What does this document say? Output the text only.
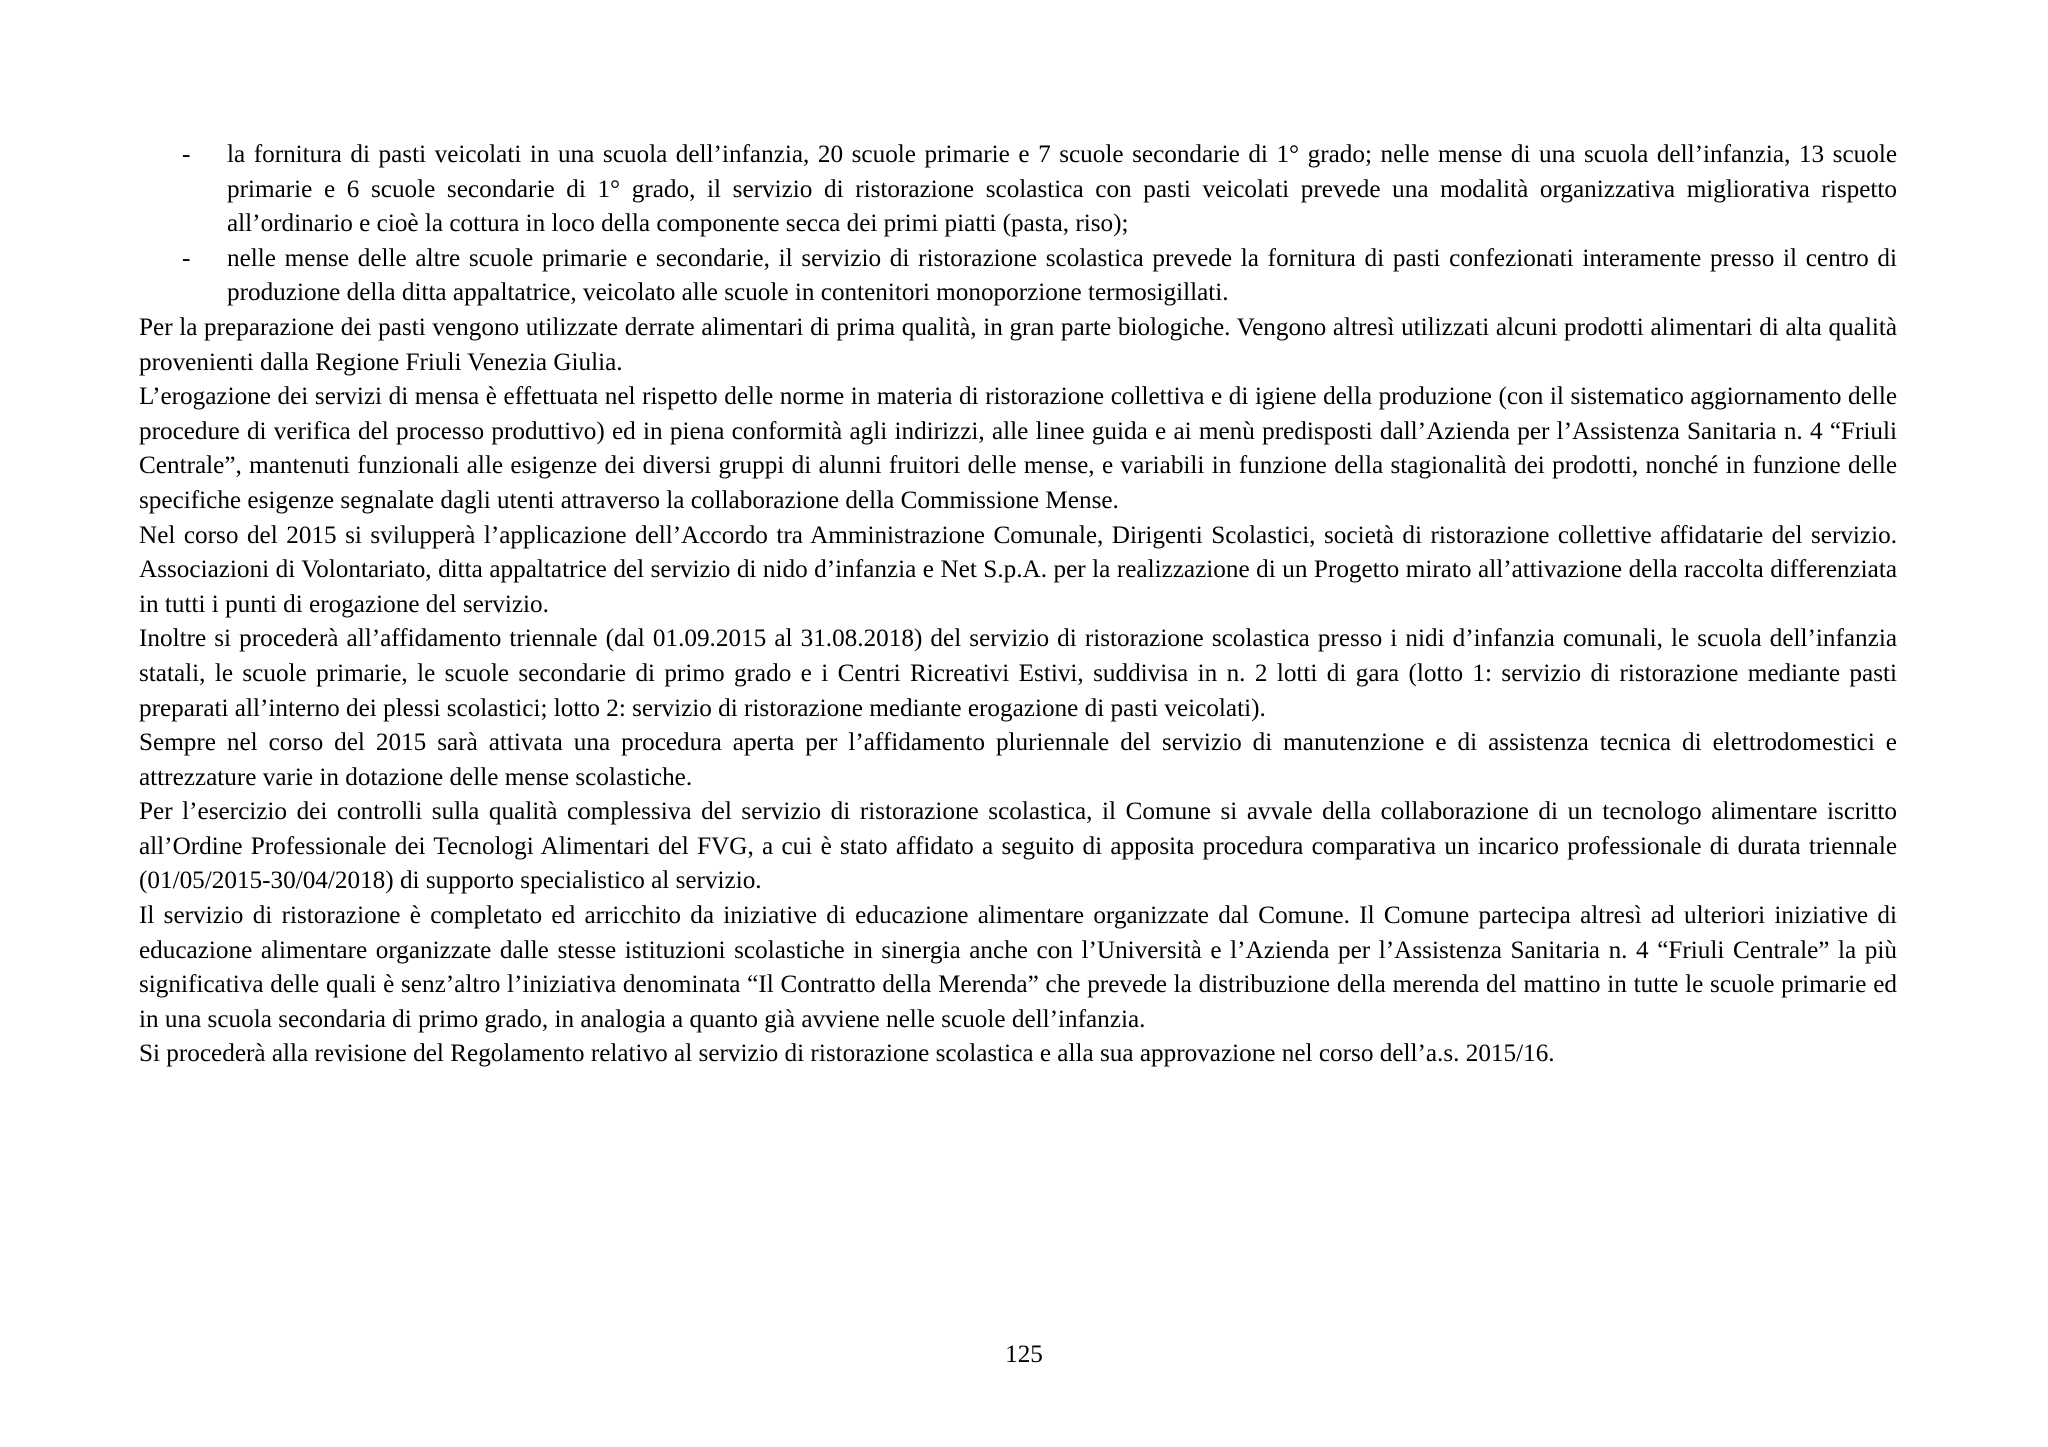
- la fornitura di pasti veicolati in una scuola dell’infanzia, 20 scuole primarie e 7 scuole secondarie di 1° grado; nelle mense di una scuola dell’infanzia, 13 scuole primarie e 6 scuole secondarie di 1° grado, il servizio di ristorazione scolastica con pasti veicolati prevede una modalità organizzativa migliorativa rispetto all’ordinario e cioè la cottura in loco della componente secca dei primi piatti (pasta, riso);
- nelle mense delle altre scuole primarie e secondarie, il servizio di ristorazione scolastica prevede la fornitura di pasti confezionati interamente presso il centro di produzione della ditta appaltatrice, veicolato alle scuole in contenitori monoporzione termosigillati.

Per la preparazione dei pasti vengono utilizzate derrate alimentari di prima qualità, in gran parte biologiche. Vengono altresì utilizzati alcuni prodotti alimentari di alta qualità provenienti dalla Regione Friuli Venezia Giulia.

L’erogazione dei servizi di mensa è effettuata nel rispetto delle norme in materia di ristorazione collettiva e di igiene della produzione (con il sistematico aggiornamento delle procedure di verifica del processo produttivo) ed in piena conformità agli indirizzi, alle linee guida e ai menù predisposti dall’Azienda per l’Assistenza Sanitaria n. 4 “Friuli Centrale”, mantenuti funzionali alle esigenze dei diversi gruppi di alunni fruitori delle mense, e variabili in funzione della stagionalità dei prodotti, nonché in funzione delle specifiche esigenze segnalate dagli utenti attraverso la collaborazione della Commissione Mense.

Nel corso del 2015 si svilupperà l’applicazione dell’Accordo tra Amministrazione Comunale, Dirigenti Scolastici, società di ristorazione collettive affidatarie del servizio. Associazioni di Volontariato, ditta appaltatrice del servizio di nido d’infanzia e Net S.p.A. per la realizzazione di un Progetto mirato all’attivazione della raccolta differenziata in tutti i punti di erogazione del servizio.

Inoltre si procederà all’affidamento triennale (dal 01.09.2015 al 31.08.2018) del servizio di ristorazione scolastica presso i nidi d’infanzia comunali, le scuola dell’infanzia statali, le scuole primarie, le scuole secondarie di primo grado e i Centri Ricreativi Estivi, suddivisa in n. 2 lotti di gara (lotto 1: servizio di ristorazione mediante pasti preparati all’interno dei plessi scolastici; lotto 2: servizio di ristorazione mediante erogazione di pasti veicolati).

Sempre nel corso del 2015 sarà attivata una procedura aperta per l’affidamento pluriennale del servizio di manutenzione e di assistenza tecnica di elettrodomestici e attrezzature varie in dotazione delle mense scolastiche.

Per l’esercizio dei controlli sulla qualità complessiva del servizio di ristorazione scolastica, il Comune si avvale della collaborazione di un tecnologo alimentare iscritto all’Ordine Professionale dei Tecnologi Alimentari del FVG, a cui è stato affidato a seguito di apposita procedura comparativa un incarico professionale di durata triennale (01/05/2015-30/04/2018) di supporto specialistico al servizio.

Il servizio di ristorazione è completato ed arricchito da iniziative di educazione alimentare organizzate dal Comune. Il Comune partecipa altresì ad ulteriori iniziative di educazione alimentare organizzate dalle stesse istituzioni scolastiche in sinergia anche con l’Università e l’Azienda per l’Assistenza Sanitaria n. 4 “Friuli Centrale” la più significativa delle quali è senz’altro l’iniziativa denominata “Il Contratto della Merenda” che prevede la distribuzione della merenda del mattino in tutte le scuole primarie ed in una scuola secondaria di primo grado, in analogia a quanto già avviene nelle scuole dell’infanzia.

Si procederà alla revisione del Regolamento relativo al servizio di ristorazione scolastica e alla sua approvazione nel corso dell’a.s. 2015/16.

125
